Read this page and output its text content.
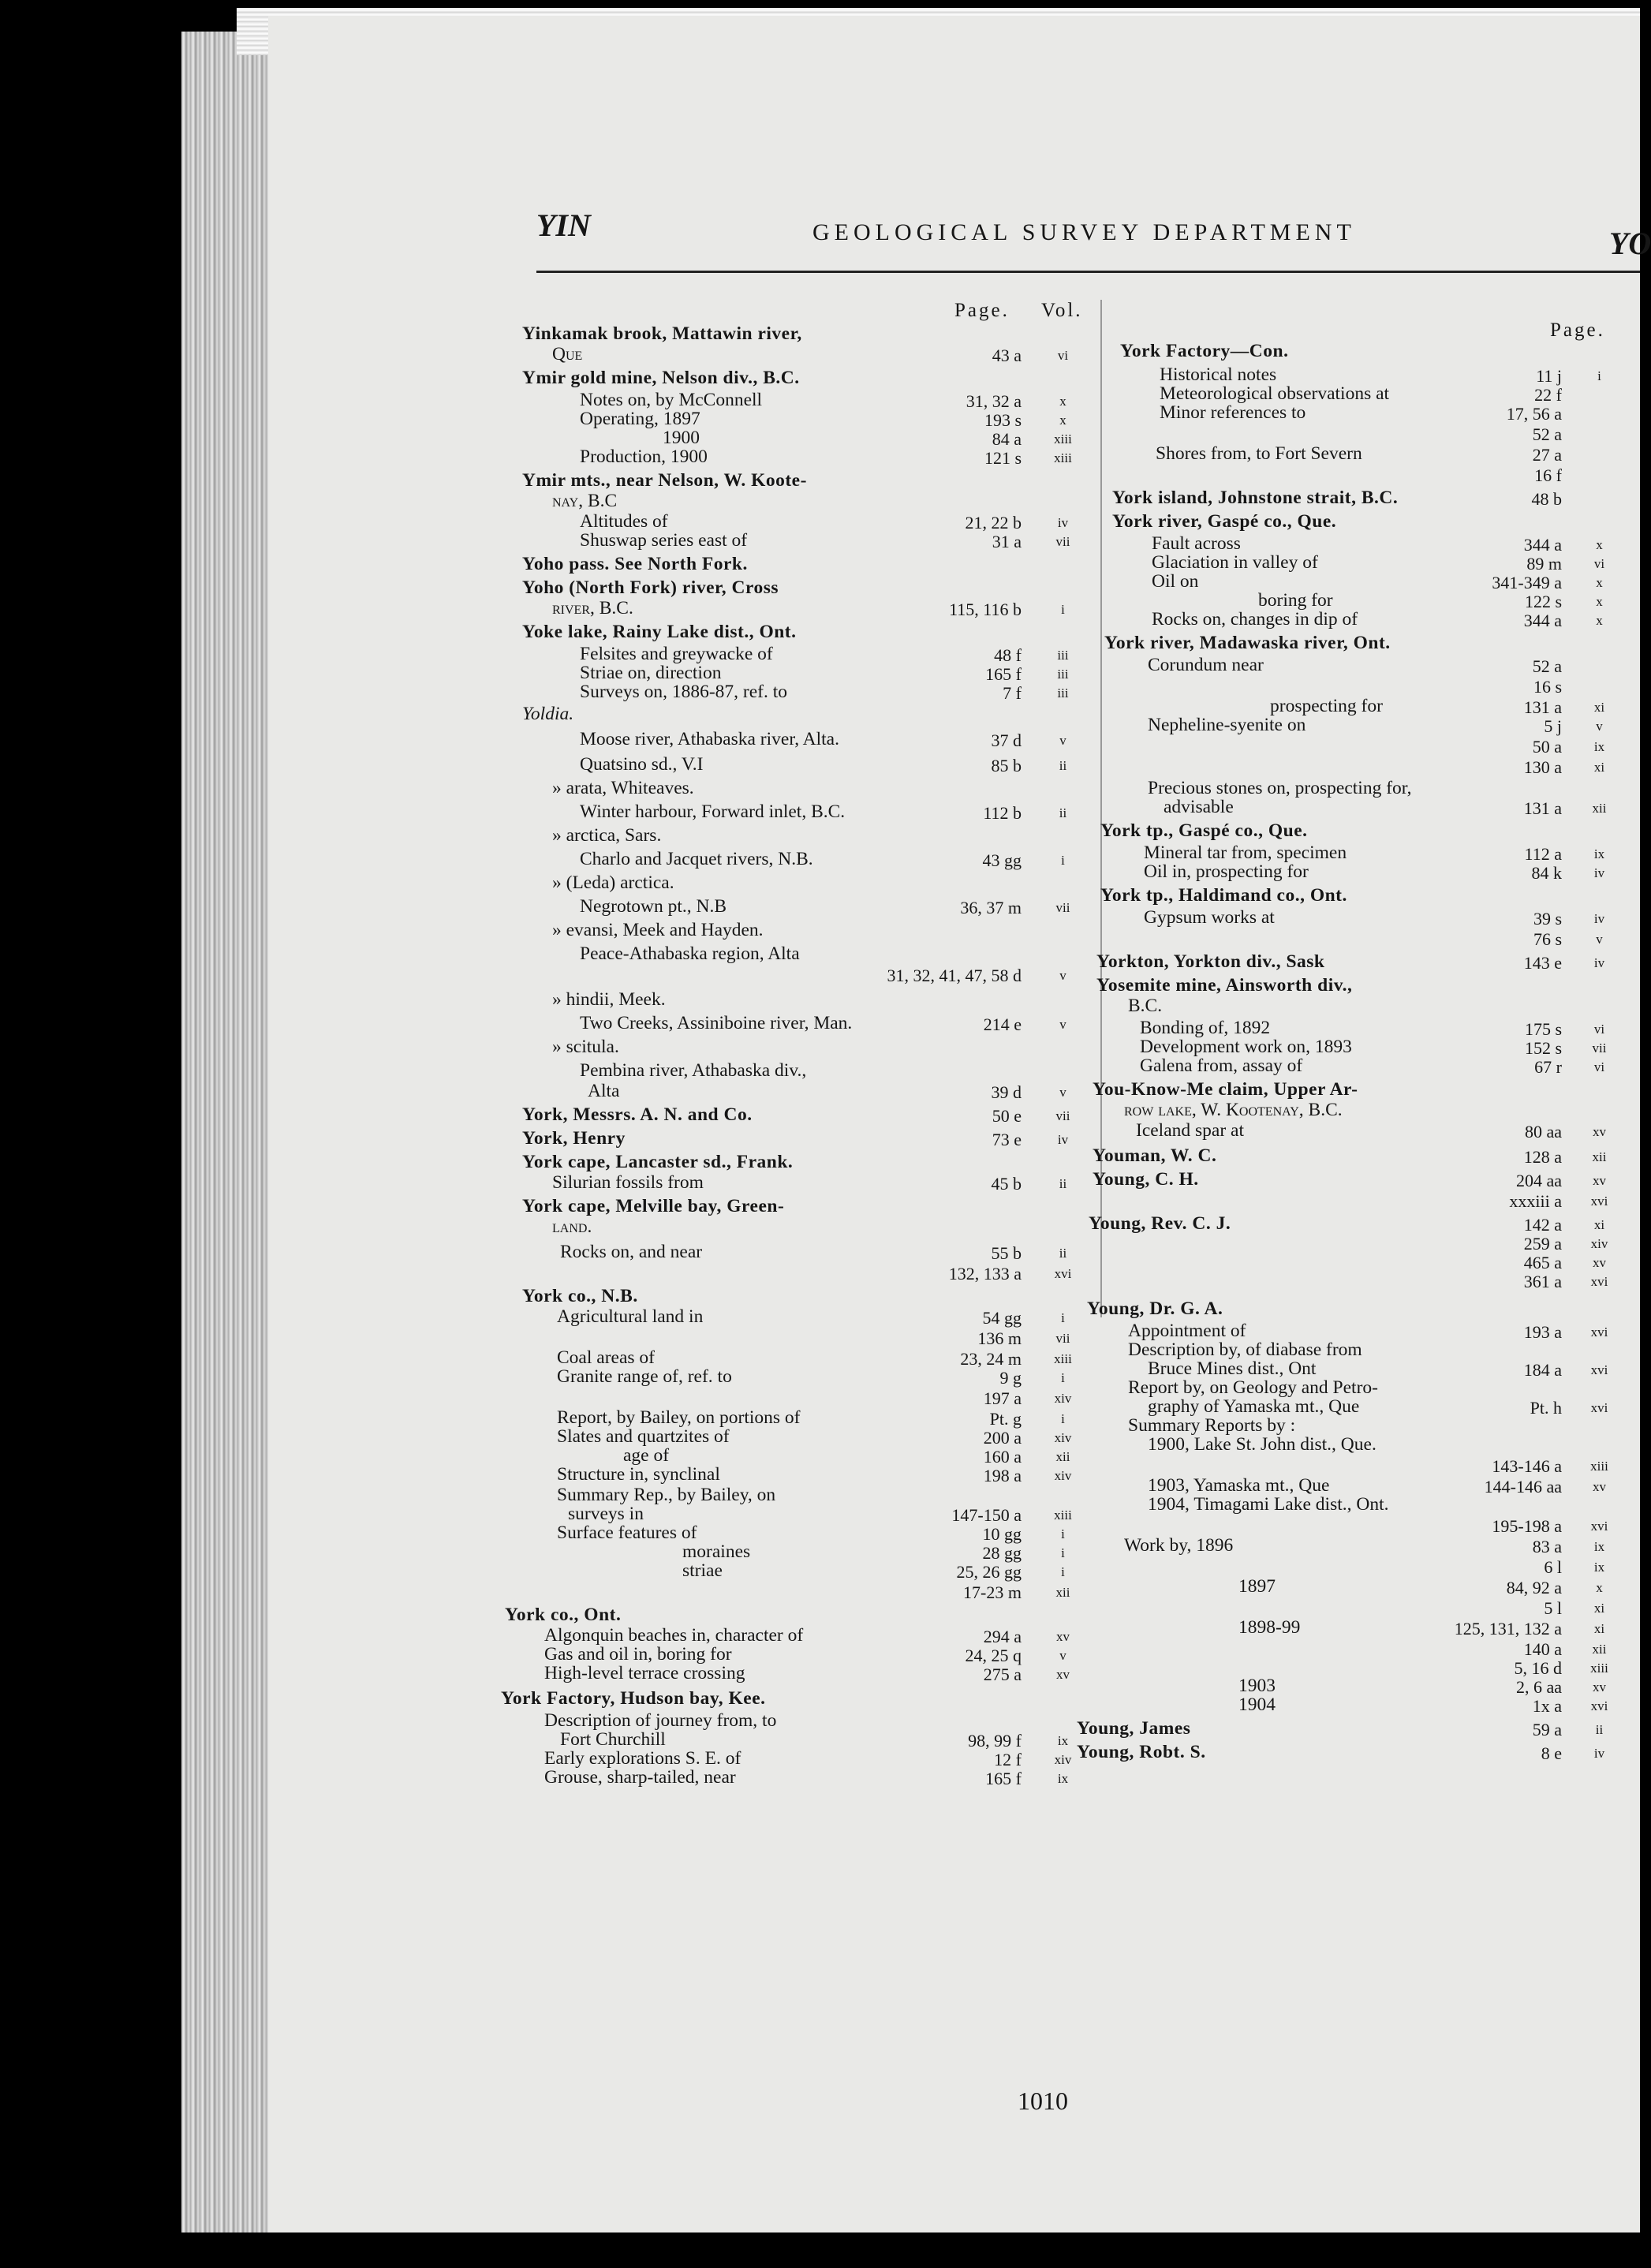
YIN	GEOLOGICAL SURVEY DEPARTMENT	YO
Page. Vol.
Page.
Yinkamak brook, Mattawin river,
Que	43 a	vi
Ymir gold mine, Nelson div., B.C.
Notes on, by McConnell	31, 32 a	x
Operating, 1897	193 s	x
1900	84 a	xiii
Production, 1900	121 s	xiii
Ymir mts., near Nelson, W. Koote-
nay, B.C
Altitudes of	21, 22 b	iv
Shuswap series east of	31 a	vii
Yoho pass. See North Fork.
Yoho (North Fork) river, Cross
river, B.C.	115, 116 b	i
Yoke lake, Rainy Lake dist., Ont.
Felsites and greywacke of	48 f	iii
Striae on, direction	165 f	iii
Surveys on, 1886-87, ref. to	7 f	iii
Yoldia.
Moose river, Athabaska river, Alta.	37 d	v
Quatsino sd., V.I	85 b	ii
» arata, Whiteaves.
Winter harbour, Forward inlet, B.C.	112 b	ii
» arctica, Sars.
Charlo and Jacquet rivers, N.B.	43 gg	i
» (Leda) arctica.
Negrotown pt., N.B	36, 37 m	vii
» evansi, Meek and Hayden.
Peace-Athabaska region, Alta
31, 32, 41, 47, 58 d	v
» hindii, Meek.
Two Creeks, Assiniboine river, Man.	214 e	v
» scitula.
Pembina river, Athabaska div.,
Alta	39 d	v
York, Messrs. A. N. and Co.	50 e	vii
York, Henry	73 e	iv
York cape, Lancaster sd., Frank.
Silurian fossils from	45 b	ii
York cape, Melville bay, Green-
land.
Rocks on, and near	55 b	ii
132, 133 a	xvi
York co., N.B.
Agricultural land in	54 gg	i
136 m	vii
Coal areas of	23, 24 m	xiii
Granite range of, ref. to	9 g	i
197 a	xiv
Report, by Bailey, on portions of	Pt. g	i
Slates and quartzites of	200 a	xiv
age of	160 a	xii
Structure in, synclinal	198 a	xiv
Summary Rep., by Bailey, on
surveys in	147-150 a	xiii
Surface features of	10 gg	i
moraines	28 gg	i
striae	25, 26 gg	i
17-23 m	xii
York co., Ont.
Algonquin beaches in, character of	294 a	xv
Gas and oil in, boring for	24, 25 q	v
High-level terrace crossing	275 a	xv
York Factory, Hudson bay, Kee.
Description of journey from, to
Fort Churchill	98, 99 f	ix
Early explorations S. E. of	12 f	xiv
Grouse, sharp-tailed, near	165 f	ix
York Factory—Con.
Historical notes	11 j	i
Meteorological observations at	22 f
Minor references to	17, 56 a
52 a
Shores from, to Fort Severn	27 a
16 f
York island, Johnstone strait, B.C.	48 b
York river, Gaspé co., Que.
Fault across	344 a	x
Glaciation in valley of	89 m	vi
Oil on	341-349 a	x
boring for	122 s	x
Rocks on, changes in dip of	344 a	x
York river, Madawaska river, Ont.
Corundum near	52 a
16 s
prospecting for	131 a	xi
Nepheline-syenite on	5 j	v
50 a	ix
130 a	xi
Precious stones on, prospecting for,
advisable	131 a	xii
York tp., Gaspé co., Que.
Mineral tar from, specimen	112 a	ix
Oil in, prospecting for	84 k	iv
York tp., Haldimand co., Ont.
Gypsum works at	39 s	iv
76 s	v
Yorkton, Yorkton div., Sask	143 e	iv
Yosemite mine, Ainsworth div.,
B.C.
Bonding of, 1892	175 s	vi
Development work on, 1893	152 s	vii
Galena from, assay of	67 r	vi
You-Know-Me claim, Upper Ar-
row lake, W. Kootenay, B.C.
Iceland spar at	80 aa	xv
Youman, W. C.	128 a	xii
Young, C. H.	204 aa	xv
xxxiii a	xvi
Young, Rev. C. J.	142 a	xi
259 a	xiv
465 a	xv
361 a	xvi
Young, Dr. G. A.
Appointment of	193 a	xvi
Description by, of diabase from
Bruce Mines dist., Ont	184 a	xvi
Report by, on Geology and Petro-
graphy of Yamaska mt., Que	Pt. h	xvi
Summary Reports by :
1900, Lake St. John dist., Que.
143-146 a	xiii
1903, Yamaska mt., Que	144-146 aa	xv
1904, Timagami Lake dist., Ont.
195-198 a	xvi
Work by, 1896	83 a	ix
6 l	ix
1897	84, 92 a	x
5 l	xi
1898-99	125, 131, 132 a	xi
140 a	xii
5, 16 d	xiii
1903	2, 6 aa	xv
1904	1x a	xvi
Young, James	59 a	ii
Young, Robt. S.	8 e	iv
1010
